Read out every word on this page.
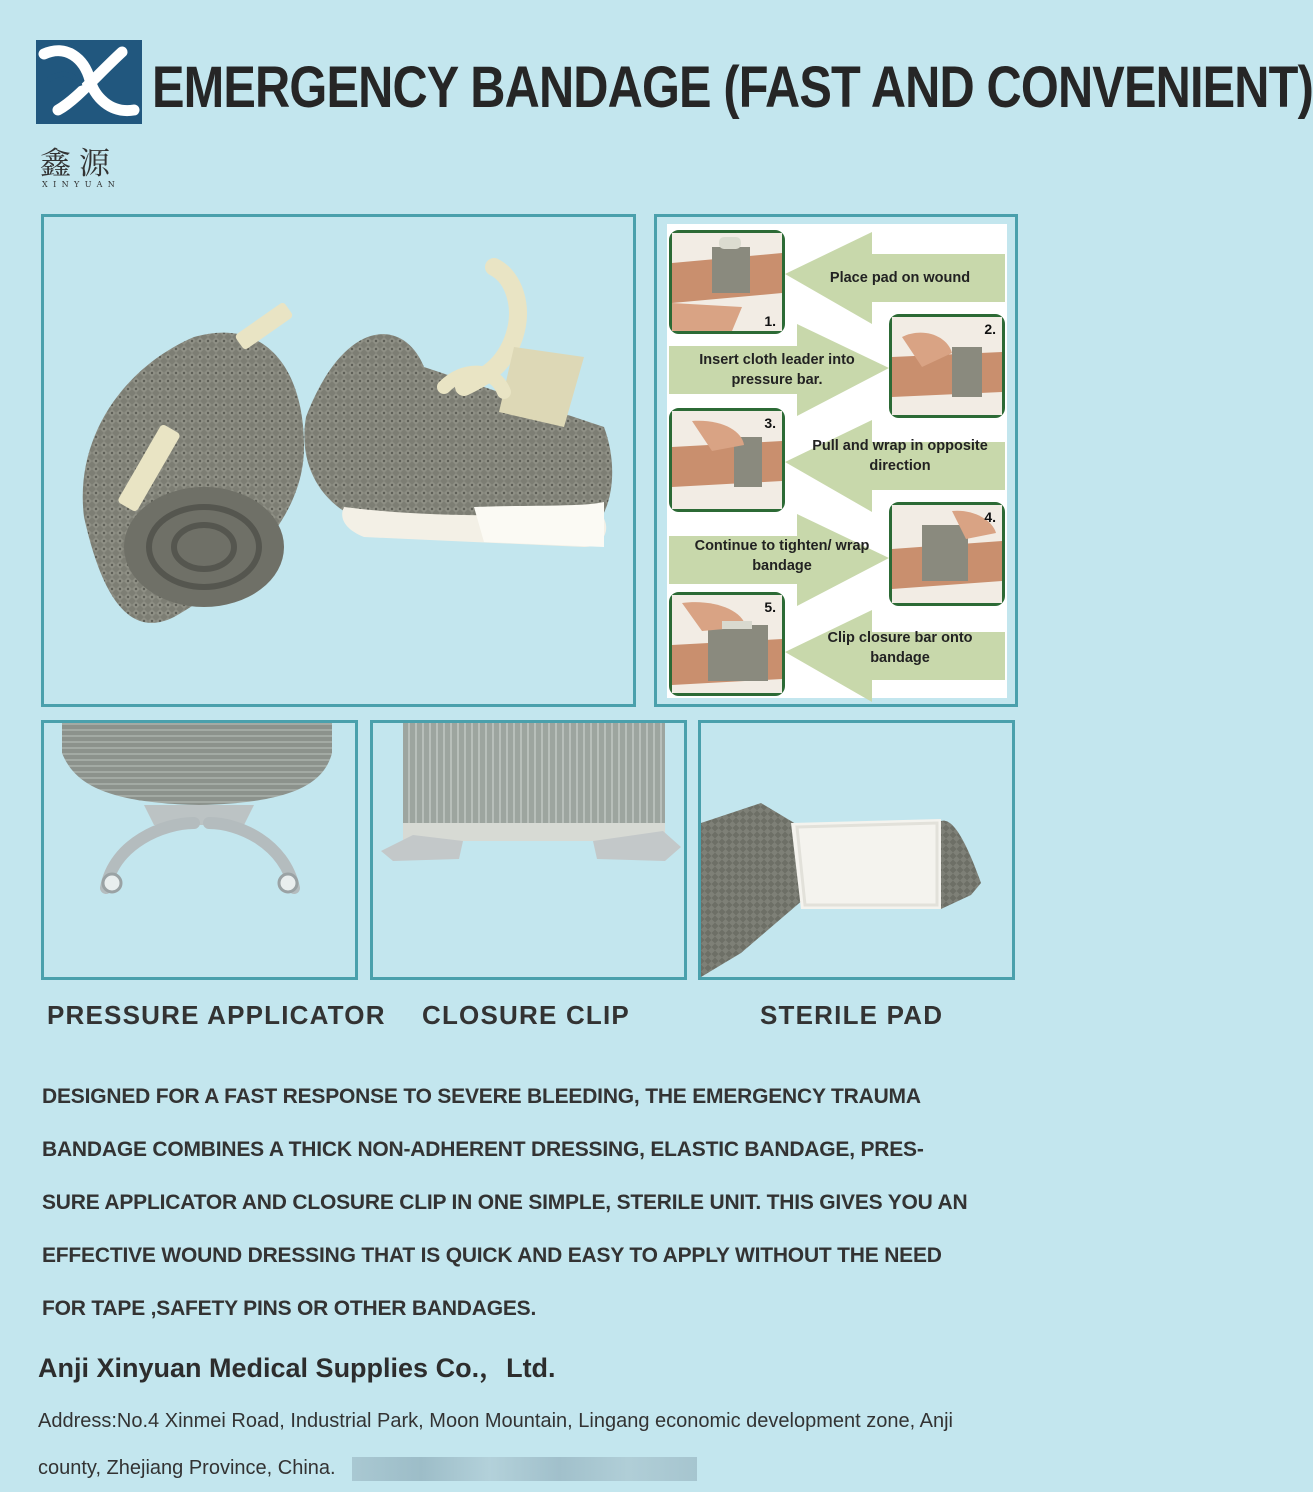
鑫源
XINYUAN
EMERGENCY BANDAGE (FAST AND CONVENIENT)
1.
Place pad on wound
2.
Insert cloth leader into pressure bar.
3.
Pull and wrap in opposite direction
4.
Continue to tighten/ wrap bandage
5.
Clip closure bar onto bandage
PRESSURE APPLICATOR CLOSURE CLIP	STERILE PAD
DESIGNED FOR A FAST RESPONSE TO SEVERE BLEEDING, THE EMERGENCY TRAUMA
BANDAGE COMBINES A THICK NON-ADHERENT DRESSING, ELASTIC BANDAGE, PRES-
SURE APPLICATOR AND CLOSURE CLIP IN ONE SIMPLE, STERILE UNIT. THIS GIVES YOU AN
EFFECTIVE WOUND DRESSING THAT IS QUICK AND EASY TO APPLY WITHOUT THE NEED
FOR TAPE ,SAFETY PINS OR OTHER BANDAGES.
Anji Xinyuan Medical Supplies Co.，Ltd.
Address:No.4 Xinmei Road, Industrial Park, Moon Mountain, Lingang economic development zone, Anji
county, Zhejiang Province, China.
